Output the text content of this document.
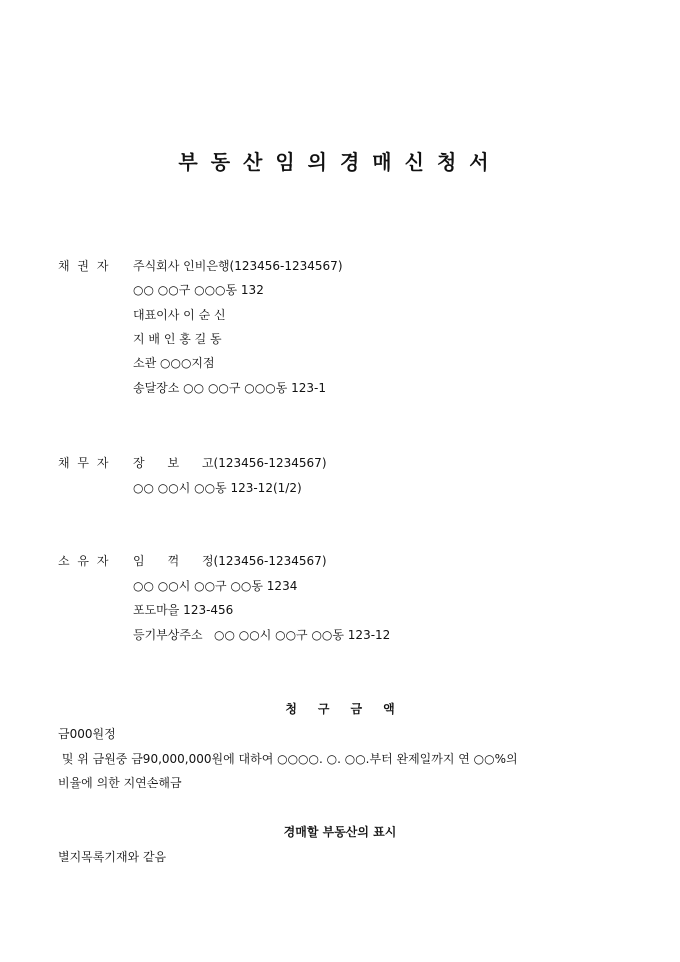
부동산임의경매신청서
채 권 자 주식회사 인비은행(123456-1234567)
○○ ○○구 ○○○동 132
대표이사 이 순 신
지 배 인 홍 길 동
소관 ○○○지점
송달장소 ○○ ○○구 ○○○동 123-1
채 무 자 장      보      고(123456-1234567)
○○ ○○시 ○○동 123-12(1/2)
소 유 자 임      꺽      정(123456-1234567)
○○ ○○시 ○○구 ○○동 1234
포도마을 123-456
등기부상주소   ○○ ○○시 ○○구 ○○동 123-12
청구금액
금000원정
및 위 금원중 금90,000,000원에 대하여 ○○○○. ○. ○○.부터 완제일까지 연 ○○%의
비율에 의한 지연손해금
경매할 부동산의 표시
별지목록기재와 같음
